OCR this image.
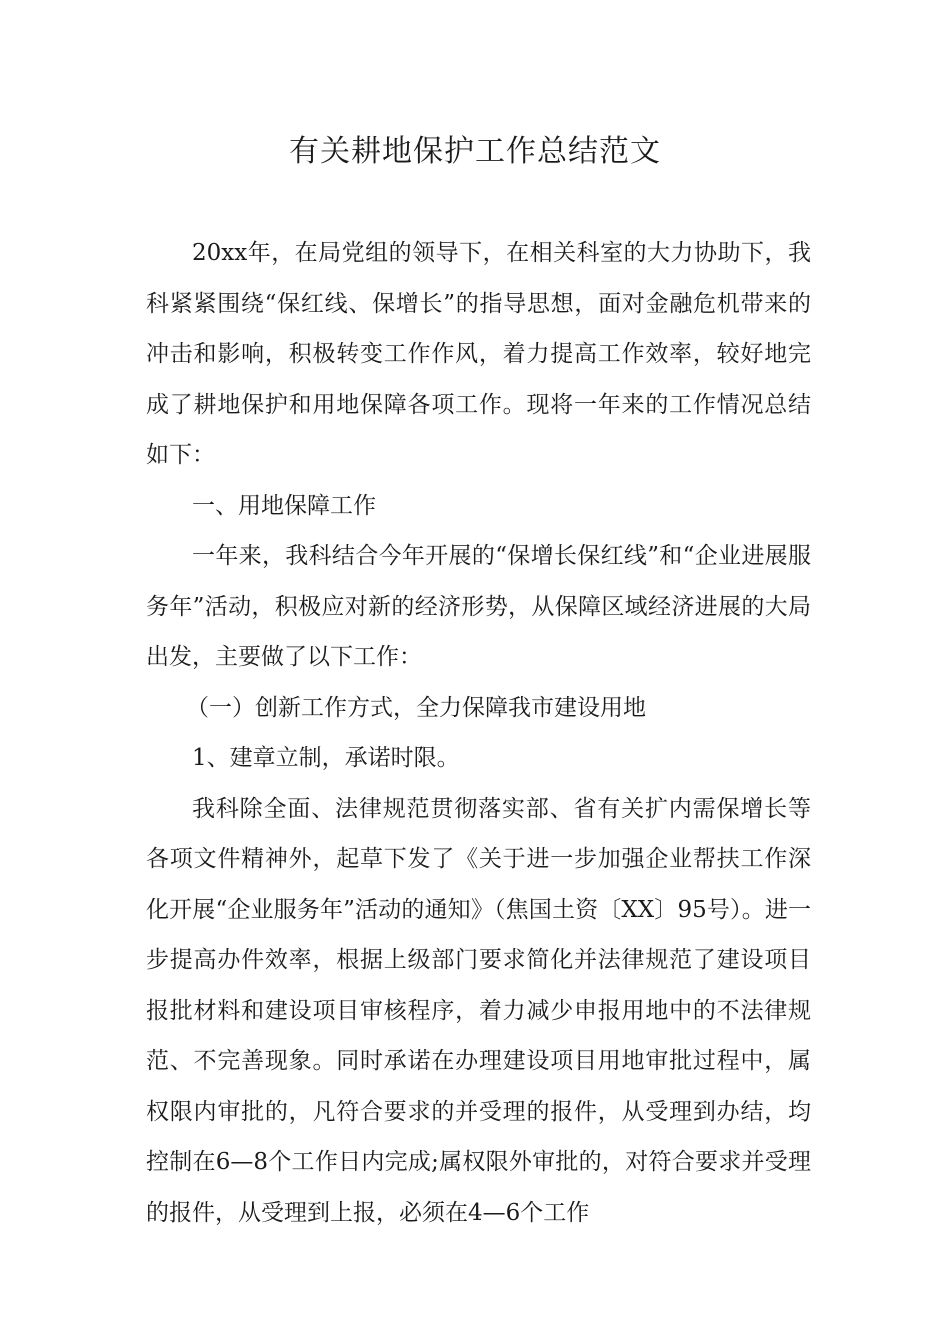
有关耕地保护工作总结范文

20xx年，在局党组的领导下，在相关科室的大力协助下，我科紧紧围绕“保红线、保增长”的指导思想，面对金融危机带来的冲击和影响，积极转变工作作风，着力提高工作效率，较好地完成了耕地保护和用地保障各项工作。现将一年来的工作情况总结如下：

一、用地保障工作

一年来，我科结合今年开展的“保增长保红线”和“企业进展服务年”活动，积极应对新的经济形势，从保障区域经济进展的大局出发，主要做了以下工作：

（一）创新工作方式，全力保障我市建设用地

1、建章立制，承诺时限。

我科除全面、法律规范贯彻落实部、省有关扩内需保增长等各项文件精神外，起草下发了《关于进一步加强企业帮扶工作深化开展“企业服务年”活动的通知》（焦国土资〔XX〕95号）。进一步提高办件效率，根据上级部门要求简化并法律规范了建设项目报批材料和建设项目审核程序，着力减少申报用地中的不法律规范、不完善现象。同时承诺在办理建设项目用地审批过程中，属权限内审批的，凡符合要求的并受理的报件，从受理到办结，均控制在6—8个工作日内完成;属权限外审批的，对符合要求并受理的报件，从受理到上报，必须在4—6个工作
